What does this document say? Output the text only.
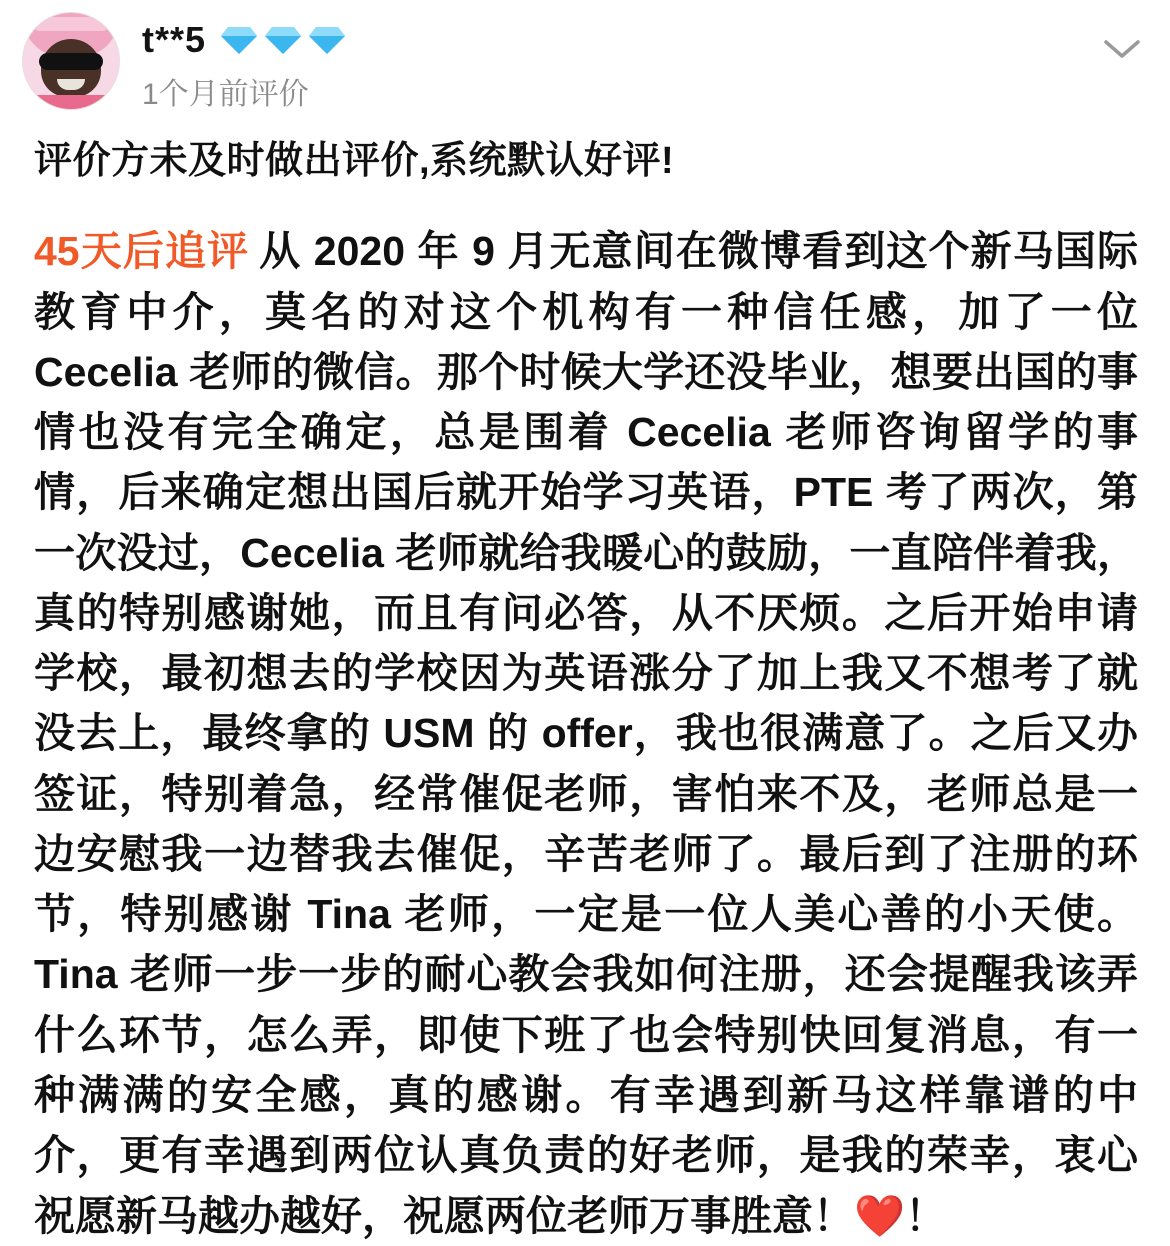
t**5
1个月前评价
评价方未及时做出评价,系统默认好评!
45天后追评 从 2020 年 9 月无意间在微博看到这个新马国际教育中介，莫名的对这个机构有一种信任感，加了一位 Cecelia 老师的微信。那个时候大学还没毕业，想要出国的事情也没有完全确定，总是围着 Cecelia 老师咨询留学的事情，后来确定想出国后就开始学习英语，PTE 考了两次，第一次没过，Cecelia 老师就给我暖心的鼓励，一直陪伴着我，真的特别感谢她，而且有问必答，从不厌烦。之后开始申请学校，最初想去的学校因为英语涨分了加上我又不想考了就没去上，最终拿的 USM 的 offer，我也很满意了。之后又办签证，特别着急，经常催促老师，害怕来不及，老师总是一边安慰我一边替我去催促，辛苦老师了。最后到了注册的环节，特别感谢 Tina 老师，一定是一位人美心善的小天使。Tina 老师一步一步的耐心教会我如何注册，还会提醒我该弄什么环节，怎么弄，即使下班了也会特别快回复消息，有一种满满的安全感，真的感谢。有幸遇到新马这样靠谱的中介，更有幸遇到两位认真负责的好老师，是我的荣幸，衷心祝愿新马越办越好，祝愿两位老师万事胜意！❤️！
